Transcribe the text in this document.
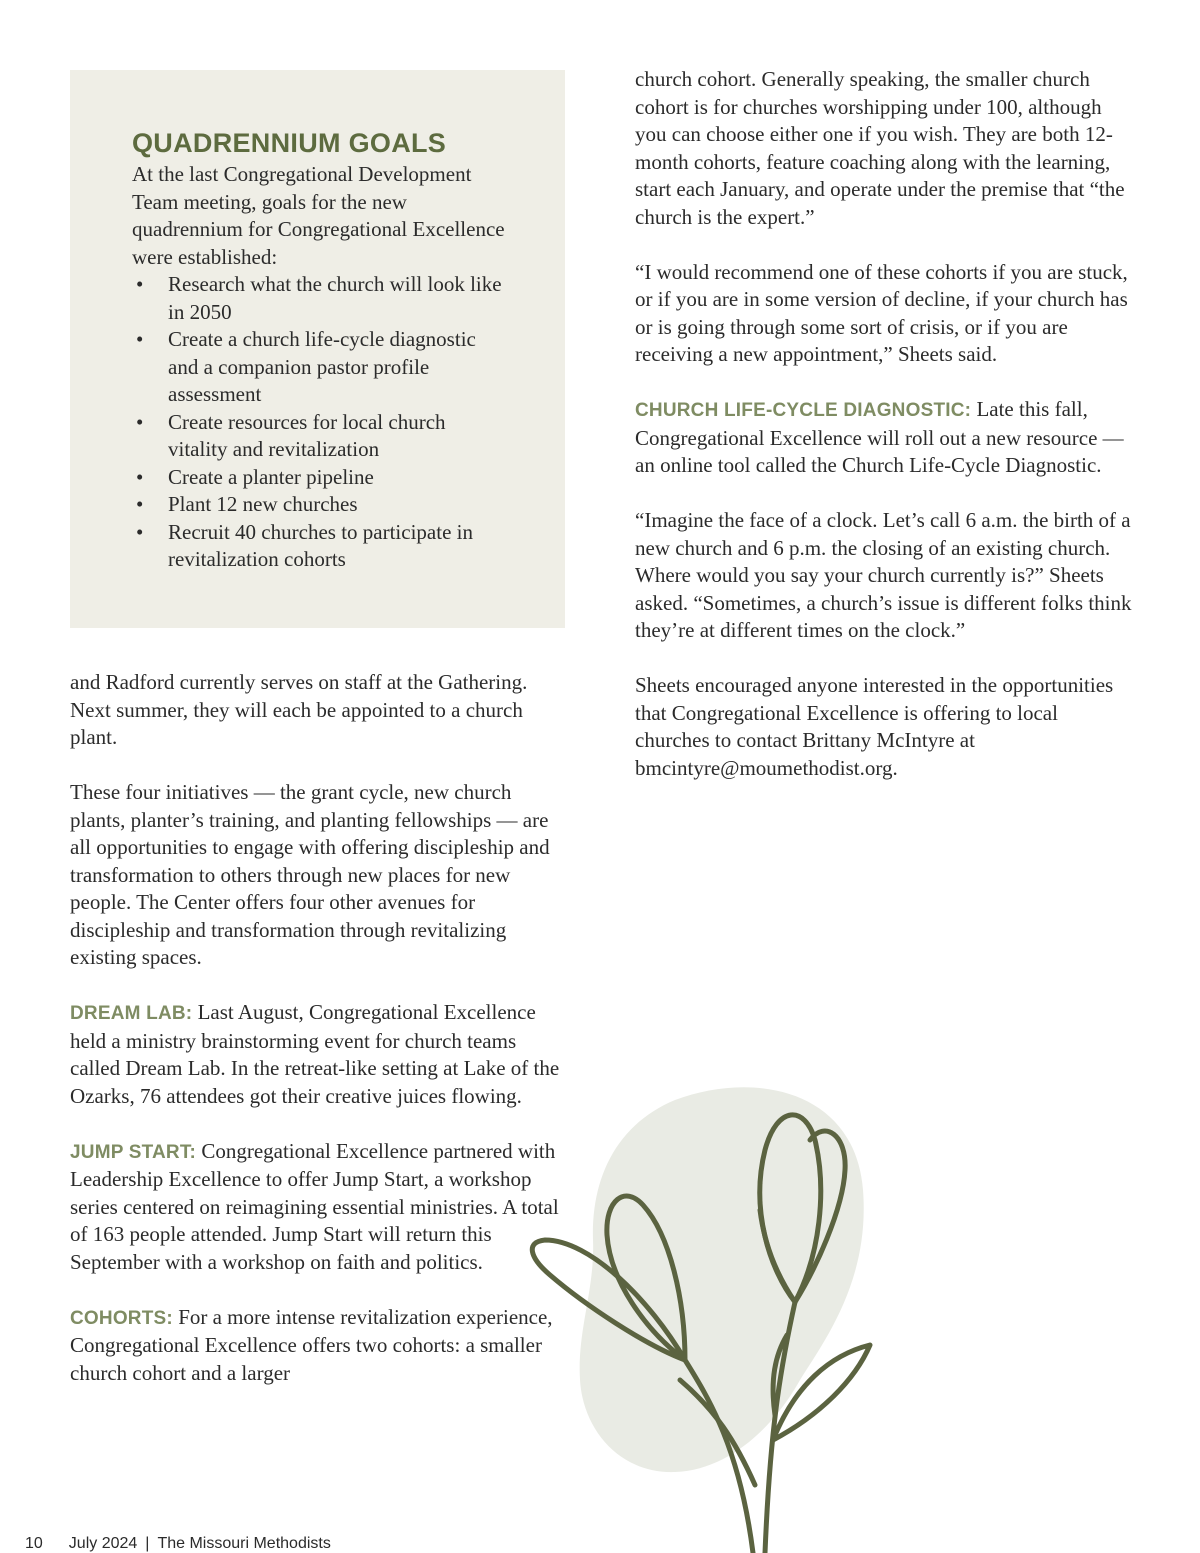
QUADRENNIUM GOALS

At the last Congregational Development Team meeting, goals for the new quadrennium for Congregational Excellence were established:

• Research what the church will look like in 2050
• Create a church life-cycle diagnostic and a companion pastor profile assessment
• Create resources for local church vitality and revitalization
• Create a planter pipeline
• Plant 12 new churches
• Recruit 40 churches to participate in revitalization cohorts

and Radford currently serves on staff at the Gathering. Next summer, they will each be appointed to a church plant.

These four initiatives — the grant cycle, new church plants, planter’s training, and planting fellowships — are all opportunities to engage with offering discipleship and transformation to others through new places for new people. The Center offers four other avenues for discipleship and transformation through revitalizing existing spaces.

DREAM LAB: Last August, Congregational Excellence held a ministry brainstorming event for church teams called Dream Lab. In the retreat-like setting at Lake of the Ozarks, 76 attendees got their creative juices flowing.

JUMP START: Congregational Excellence partnered with Leadership Excellence to offer Jump Start, a workshop series centered on reimagining essential ministries. A total of 163 people attended. Jump Start will return this September with a workshop on faith and politics.

COHORTS: For a more intense revitalization experience, Congregational Excellence offers two cohorts: a smaller church cohort and a larger

church cohort. Generally speaking, the smaller church cohort is for churches worshipping under 100, although you can choose either one if you wish. They are both 12-month cohorts, feature coaching along with the learning, start each January, and operate under the premise that “the church is the expert.”

“I would recommend one of these cohorts if you are stuck, or if you are in some version of decline, if your church has or is going through some sort of crisis, or if you are receiving a new appointment,” Sheets said.

CHURCH LIFE-CYCLE DIAGNOSTIC: Late this fall, Congregational Excellence will roll out a new resource — an online tool called the Church Life-Cycle Diagnostic.

“Imagine the face of a clock. Let’s call 6 a.m. the birth of a new church and 6 p.m. the closing of an existing church. Where would you say your church currently is?” Sheets asked. “Sometimes, a church’s issue is different folks think they’re at different times on the clock.”

Sheets encouraged anyone interested in the opportunities that Congregational Excellence is offering to local churches to contact Brittany McIntyre at bmcintyre@moumethodist.org.

10 July 2024 | The Missouri Methodists
